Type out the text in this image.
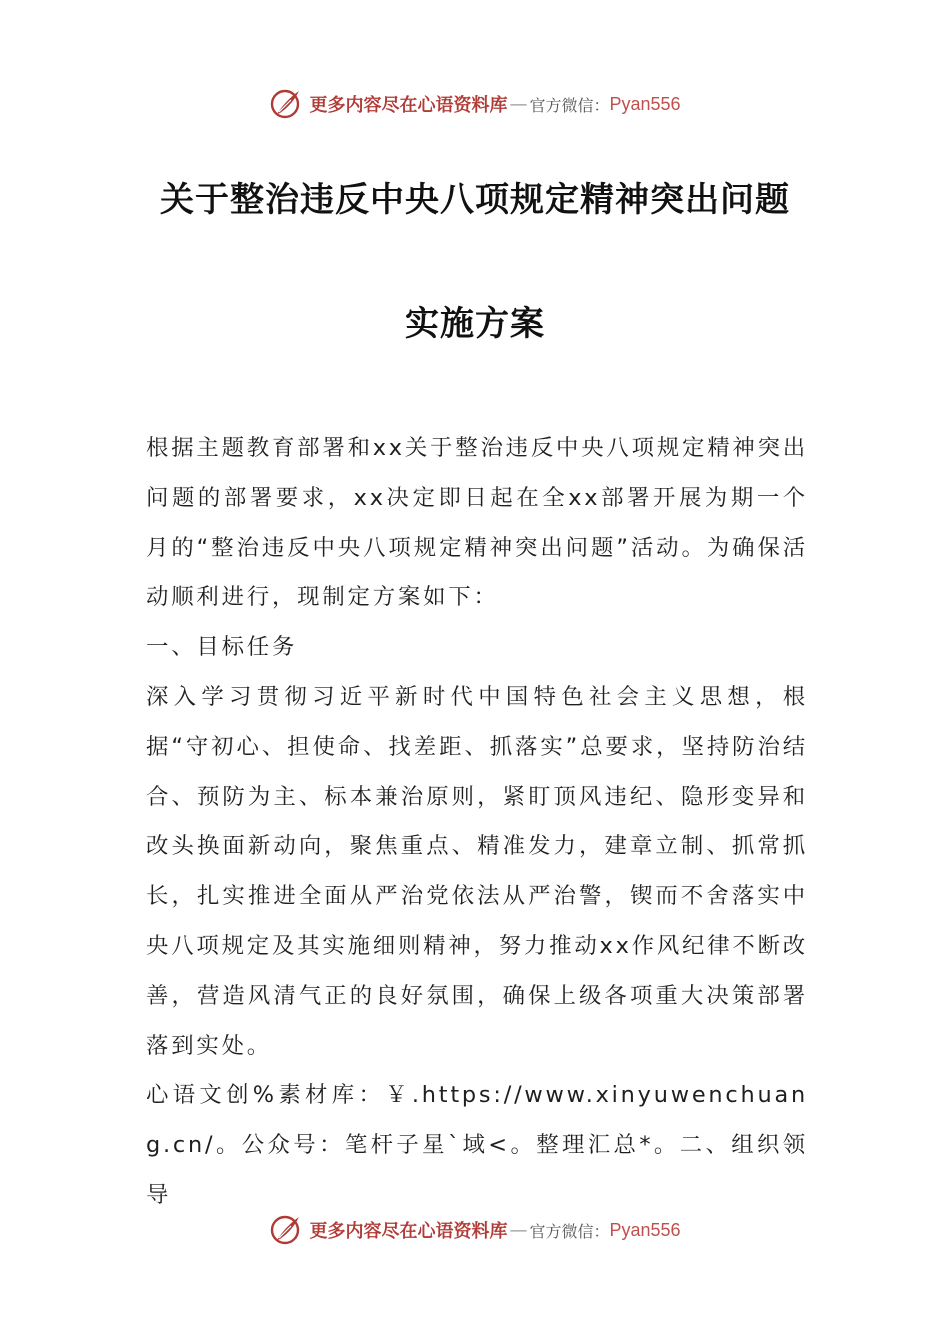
更多内容尽在心语资料库 — 官方微信： Pyan556
关于整治违反中央八项规定精神突出问题
实施方案

根据主题教育部署和xx关于整治违反中央八项规定精神突出问题的部署要求，xx决定即日起在全xx部署开展为期一个月的“整治违反中央八项规定精神突出问题”活动。为确保活动顺利进行，现制定方案如下：

一、目标任务

深入学习贯彻习近平新时代中国特色社会主义思想，根据“守初心、担使命、找差距、抓落实”总要求，坚持防治结合、预防为主、标本兼治原则，紧盯顶风违纪、隐形变异和改头换面新动向，聚焦重点、精准发力，建章立制、抓常抓长，扎实推进全面从严治党依法从严治警，锲而不舍落实中央八项规定及其实施细则精神，努力推动xx作风纪律不断改善，营造风清气正的良好氛围，确保上级各项重大决策部署落到实处。

心语文创%素材库：￥.https://www.xinyuwenchuang.cn/。公众号：笔杆子星`域<。整理汇总*。二、组织领导

更多内容尽在心语资料库 — 官方微信： Pyan556
